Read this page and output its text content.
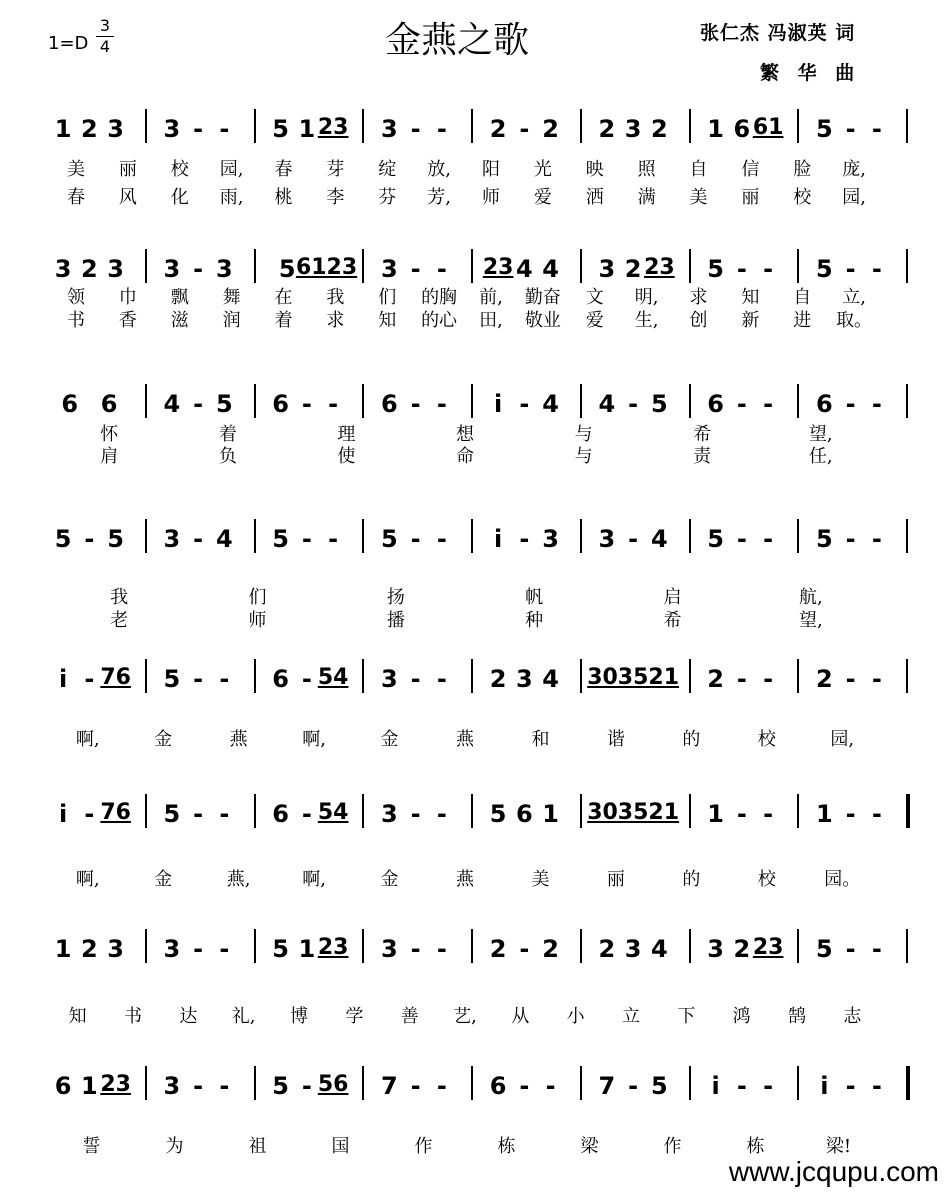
金燕之歌
1=D
3
4
张仁杰 冯淑英 词
繁 华 曲
1 2 3 3 - - 5 1 23 3 - - 2 - 2 2 3 2 1 6 61 5 - -
美 丽 校 园, 春 芽 绽 放, 阳 光 映 照 自 信 脸 庞,
春 风 化 雨, 桃 李 芬 芳, 师 爱 洒 满 美 丽 校 园,
3 2 3 3 - 3 5 6123 3 - - 23 4 4 3 2 23 5 - - 5 - -
领 巾 飘 舞 在 我 们 的胸 前, 勤奋 文 明, 求 知 自 立,
书 香 滋 润 着 求 知 的心 田, 敬业 爱 生, 创 新 进 取。
6 6 4 - 5 6 - - 6 - - i - 4 4 - 5 6 - - 6 - -
怀	着	理	想	与	希	望,
肩	负	使	命	与	责	任,
5 - 5 3 - 4 5 - - 5 - - i - 3 3 - 4 5 - - 5 - -
我	们	扬	帆	启	航,
老	师	播	种	希	望,
i - 76 5 - - 6 - 54 3 - - 2 3 4 303521 2 - - 2 - -
啊,	金	燕	啊,	金	燕	和	谐	的	校	园,
i - 76 5 - - 6 - 54 3 - - 5 6 1 303521 1 - - 1 - -
啊,	金	燕,	啊,	金	燕	美	丽	的	校	园。
1 2 3 3 - - 5 1 23 3 - - 2 - 2 2 3 4 3 2 23 5 - -
知 书 达 礼, 博 学 善 艺, 从 小 立 下 鸿 鹄 志
6 1 23 3 - - 5 - 56 7 - - 6 - - 7 - 5 i - - i - -
誓	为	祖	国	作	栋	梁	作	栋	梁!
www.jcqupu.com
